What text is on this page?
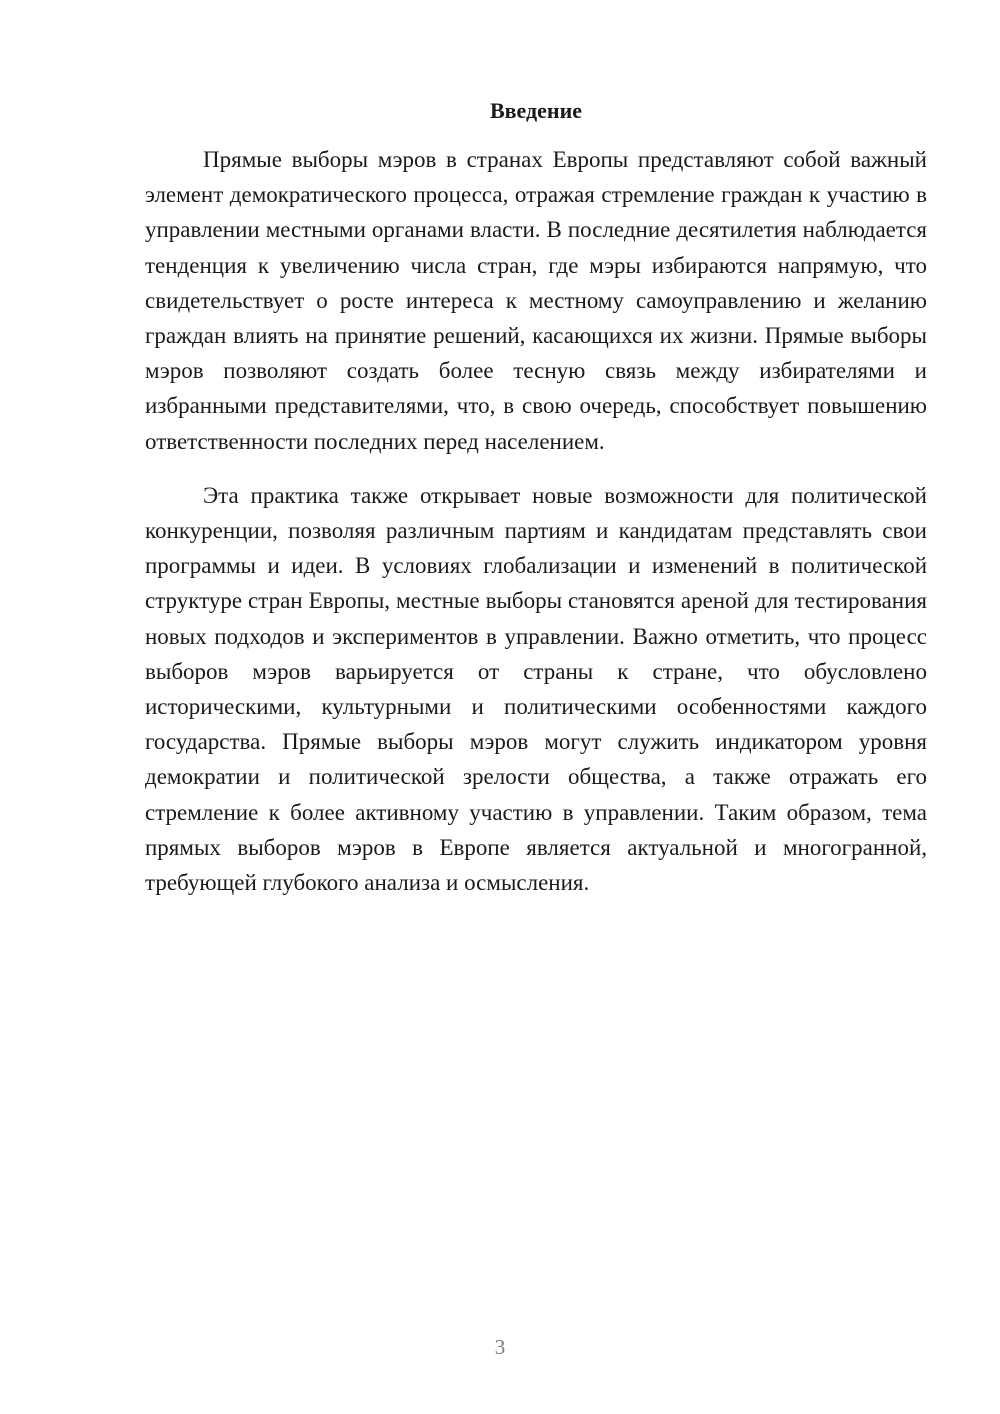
Введение

Прямые выборы мэров в странах Европы представляют собой важный элемент демократического процесса, отражая стремление граждан к участию в управлении местными органами власти. В последние десятилетия наблюдается тенденция к увеличению числа стран, где мэры избираются напрямую, что свидетельствует о росте интереса к местному самоуправлению и желанию граждан влиять на принятие решений, касающихся их жизни. Прямые выборы мэров позволяют создать более тесную связь между избирателями и избранными представителями, что, в свою очередь, способствует повышению ответственности последних перед населением.

Эта практика также открывает новые возможности для политической конкуренции, позволяя различным партиям и кандидатам представлять свои программы и идеи. В условиях глобализации и изменений в политической структуре стран Европы, местные выборы становятся ареной для тестирования новых подходов и экспериментов в управлении. Важно отметить, что процесс выборов мэров варьируется от страны к стране, что обусловлено историческими, культурными и политическими особенностями каждого государства. Прямые выборы мэров могут служить индикатором уровня демократии и политической зрелости общества, а также отражать его стремление к более активному участию в управлении. Таким образом, тема прямых выборов мэров в Европе является актуальной и многогранной, требующей глубокого анализа и осмысления.

3
